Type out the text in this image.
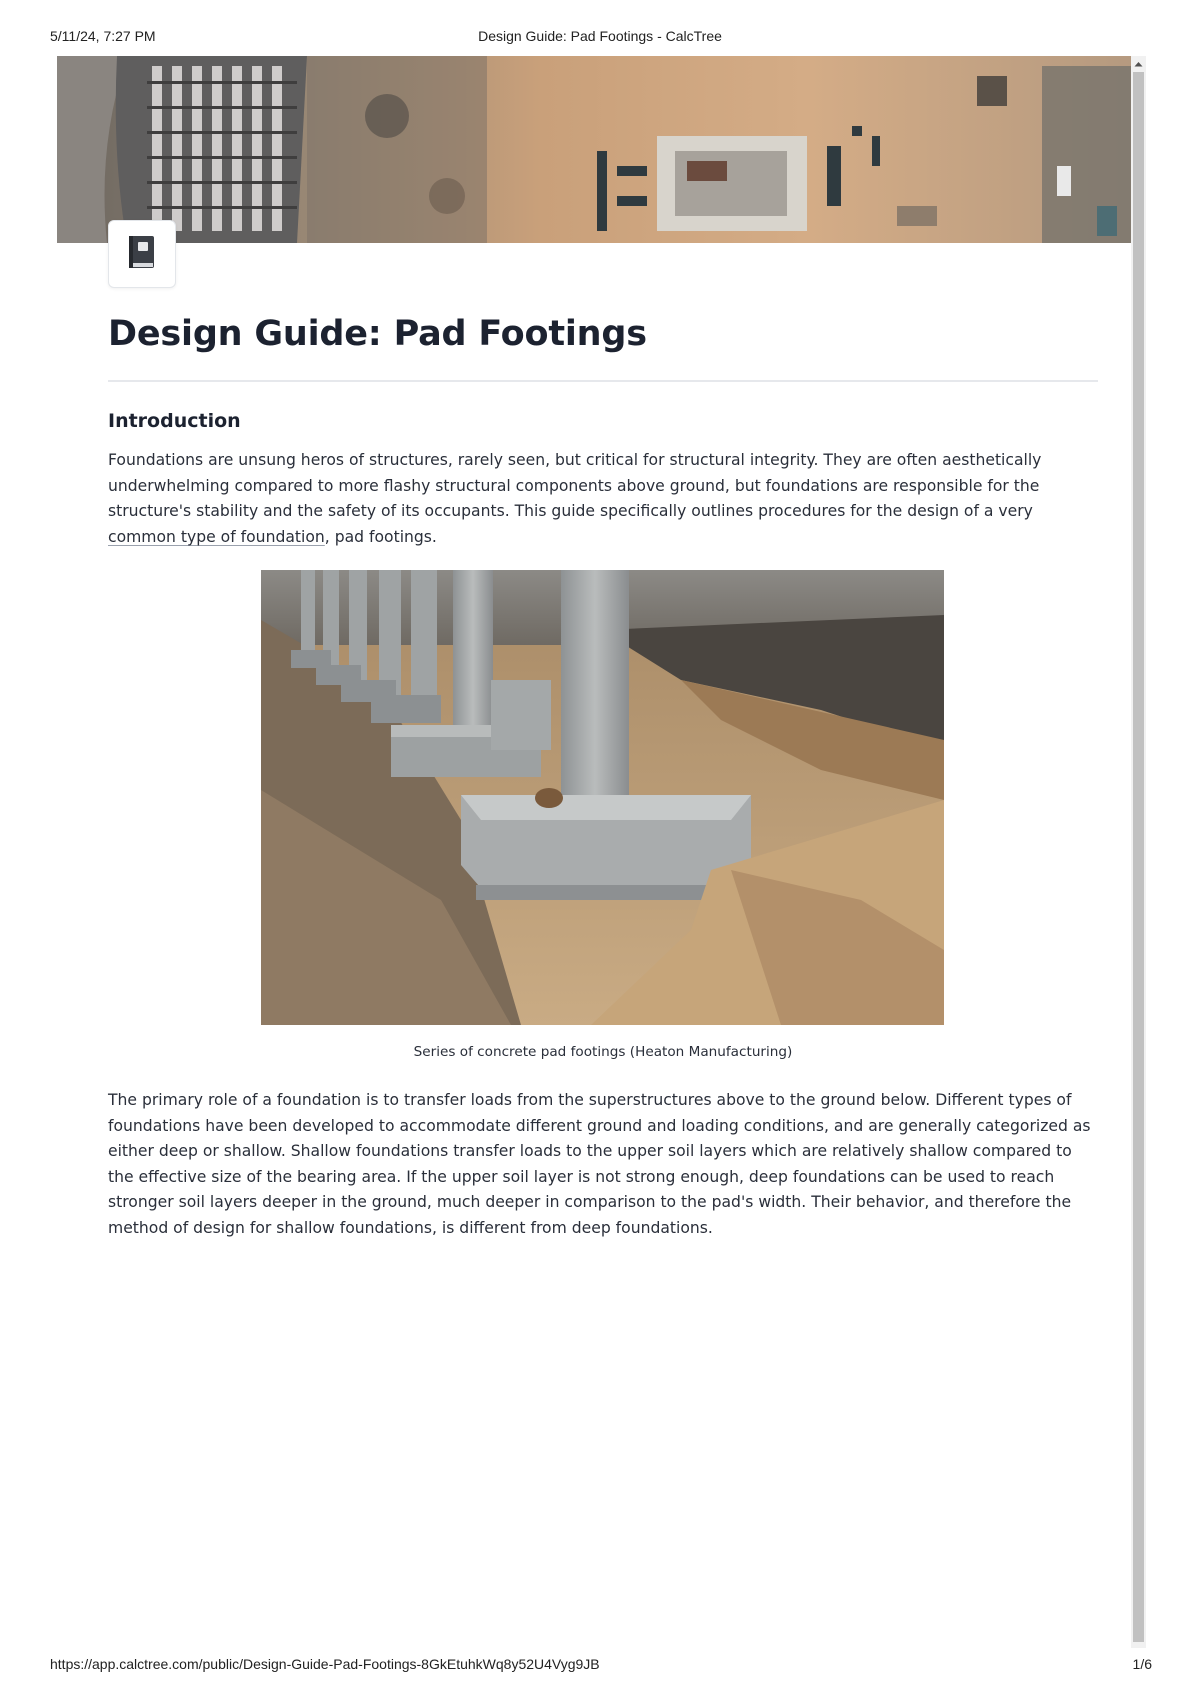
5/11/24, 7:27 PM	Design Guide: Pad Footings - CalcTree
Design Guide: Pad Footings
Introduction

Foundations are unsung heros of structures, rarely seen, but critical for structural integrity. They are often aesthetically underwhelming compared to more flashy structural components above ground, but foundations are responsible for the structure's stability and the safety of its occupants. This guide specifically outlines procedures for the design of a very common type of foundation, pad footings.

Series of concrete pad footings (Heaton Manufacturing)

The primary role of a foundation is to transfer loads from the superstructures above to the ground below. Different types of foundations have been developed to accommodate different ground and loading conditions, and are generally categorized as either deep or shallow. Shallow foundations transfer loads to the upper soil layers which are relatively shallow compared to the effective size of the bearing area. If the upper soil layer is not strong enough, deep foundations can be used to reach stronger soil layers deeper in the ground, much deeper in comparison to the pad's width. Their behavior, and therefore the method of design for shallow foundations, is different from deep foundations.

https://app.calctree.com/public/Design-Guide-Pad-Footings-8GkEtuhkWq8y52U4Vyg9JB	1/6
